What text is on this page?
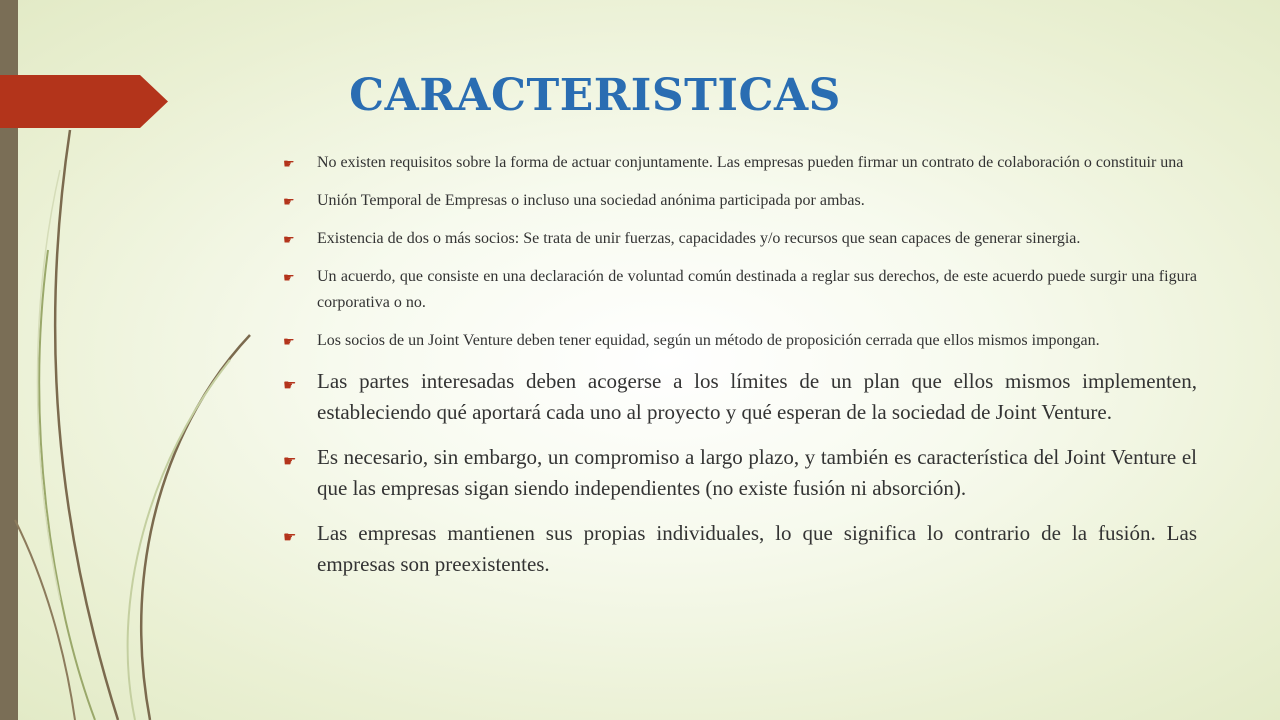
CARACTERISTICAS
☛ No existen requisitos sobre la forma de actuar conjuntamente. Las empresas pueden firmar un contrato de colaboración o constituir una
☛ Unión Temporal de Empresas o incluso una sociedad anónima participada por ambas.
☛ Existencia de dos o más socios: Se trata de unir fuerzas, capacidades y/o recursos que sean capaces de generar sinergia.
☛ Un acuerdo, que consiste en una declaración de voluntad común destinada a reglar sus derechos, de este acuerdo puede surgir una figura corporativa o no.
☛ Los socios de un Joint Venture deben tener equidad, según un método de proposición cerrada que ellos mismos impongan.
☛ Las partes interesadas deben acogerse a los límites de un plan que ellos mismos implementen, estableciendo qué aportará cada uno al proyecto y qué esperan de la sociedad de Joint Venture.
☛ Es necesario, sin embargo, un compromiso a largo plazo, y también es característica del Joint Venture el que las empresas sigan siendo independientes (no existe fusión ni absorción).
☛ Las empresas mantienen sus propias individuales, lo que significa lo contrario de la fusión. Las empresas son preexistentes.
